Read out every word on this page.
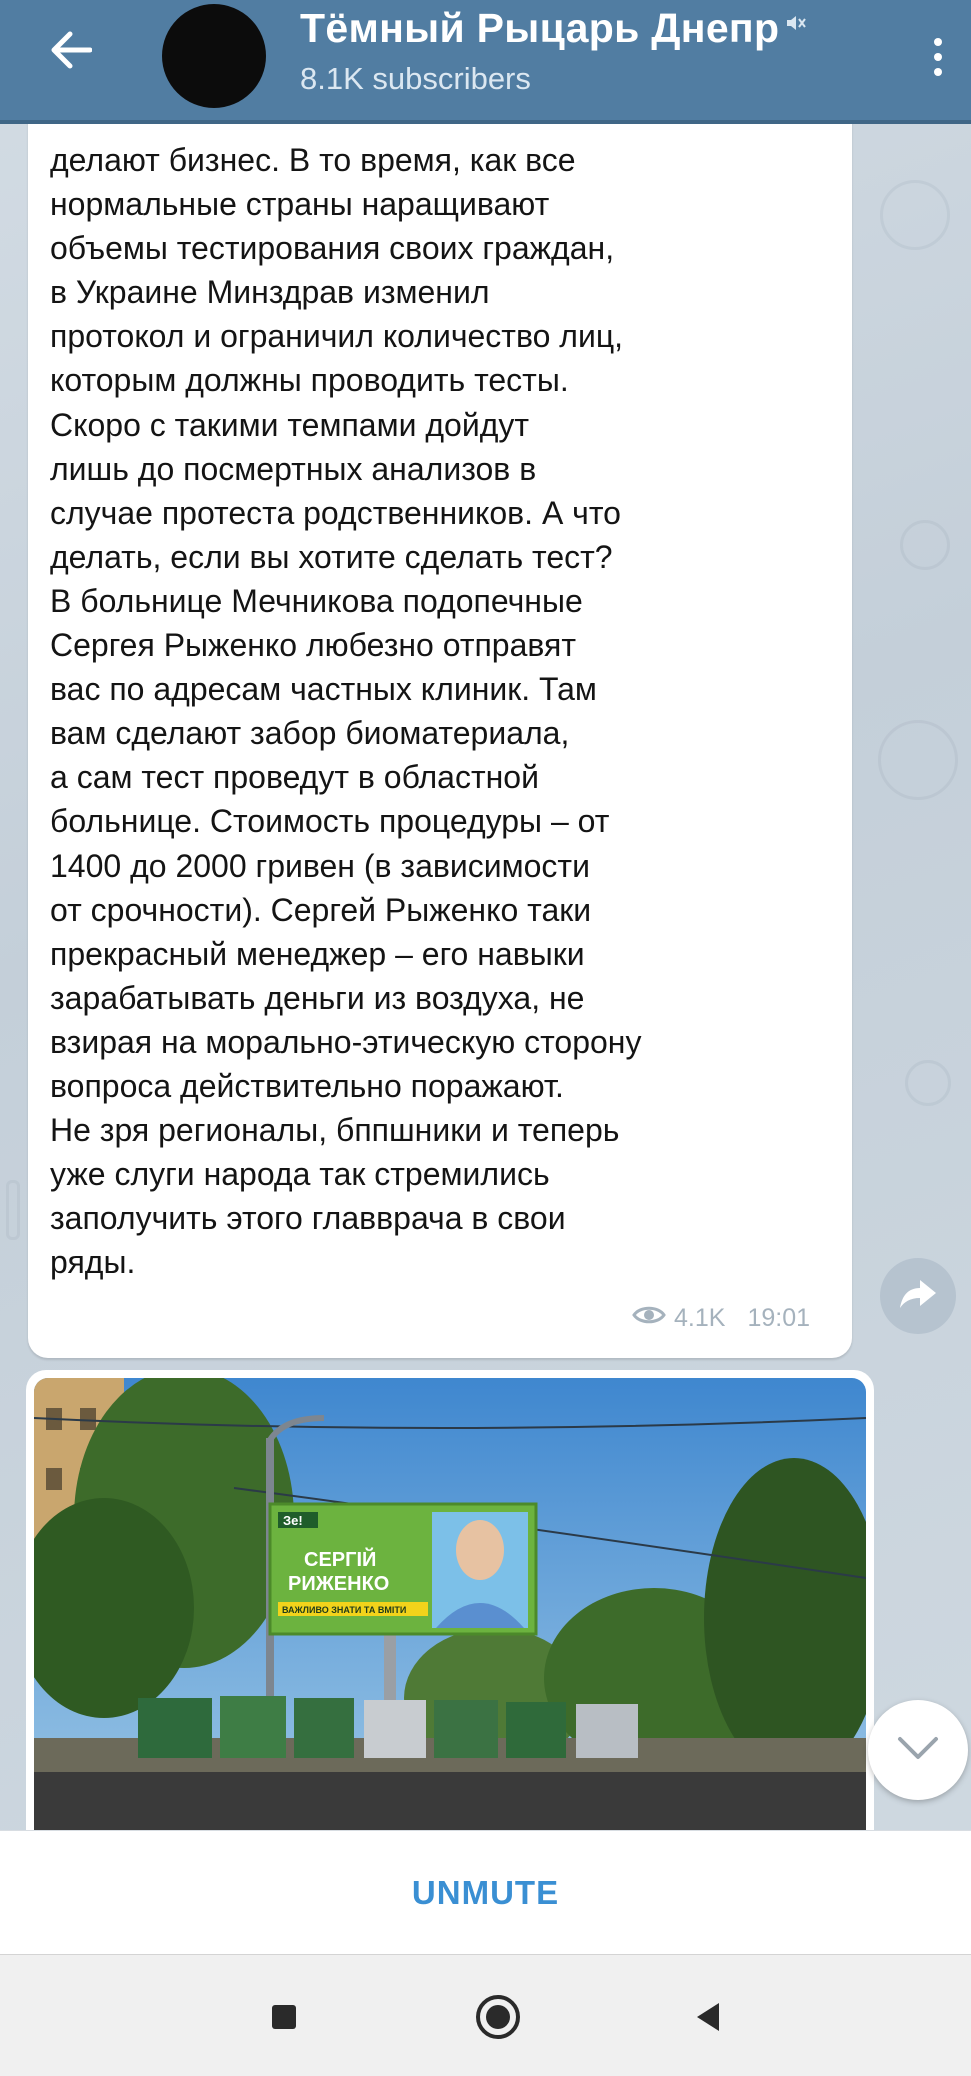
делают бизнес. В то время, как все
нормальные страны наращивают
объемы тестирования своих граждан,
в Украине Минздрав изменил
протокол и ограничил количество лиц,
которым должны проводить тесты.
Скоро с такими темпами дойдут
лишь до посмертных анализов в
случае протеста родственников. А что
делать, если вы хотите сделать тест?
В больнице Мечникова подопечные
Сергея Рыженко любезно отправят
вас по адресам частных клиник. Там
вам сделают забор биоматериала,
а сам тест проведут в областной
больнице. Стоимость процедуры – от
1400 до 2000 гривен (в зависимости
от срочности). Сергей Рыженко таки
прекрасный менеджер – его навыки
зарабатывать деньги из воздуха, не
взирая на морально-этическую сторону
вопроса действительно поражают.
Не зря регионалы, бппшники и теперь
уже слуги народа так стремились
заполучить этого главврача в свои
ряды.
4.1K 19:01
Тёмный Рыцарь Днепр
8.1K subscribers
Зе!
СЕРГІЙ
РИЖЕНКО
ВАЖЛИВО ЗНАТИ ТА ВМІТИ
UNMUTE
